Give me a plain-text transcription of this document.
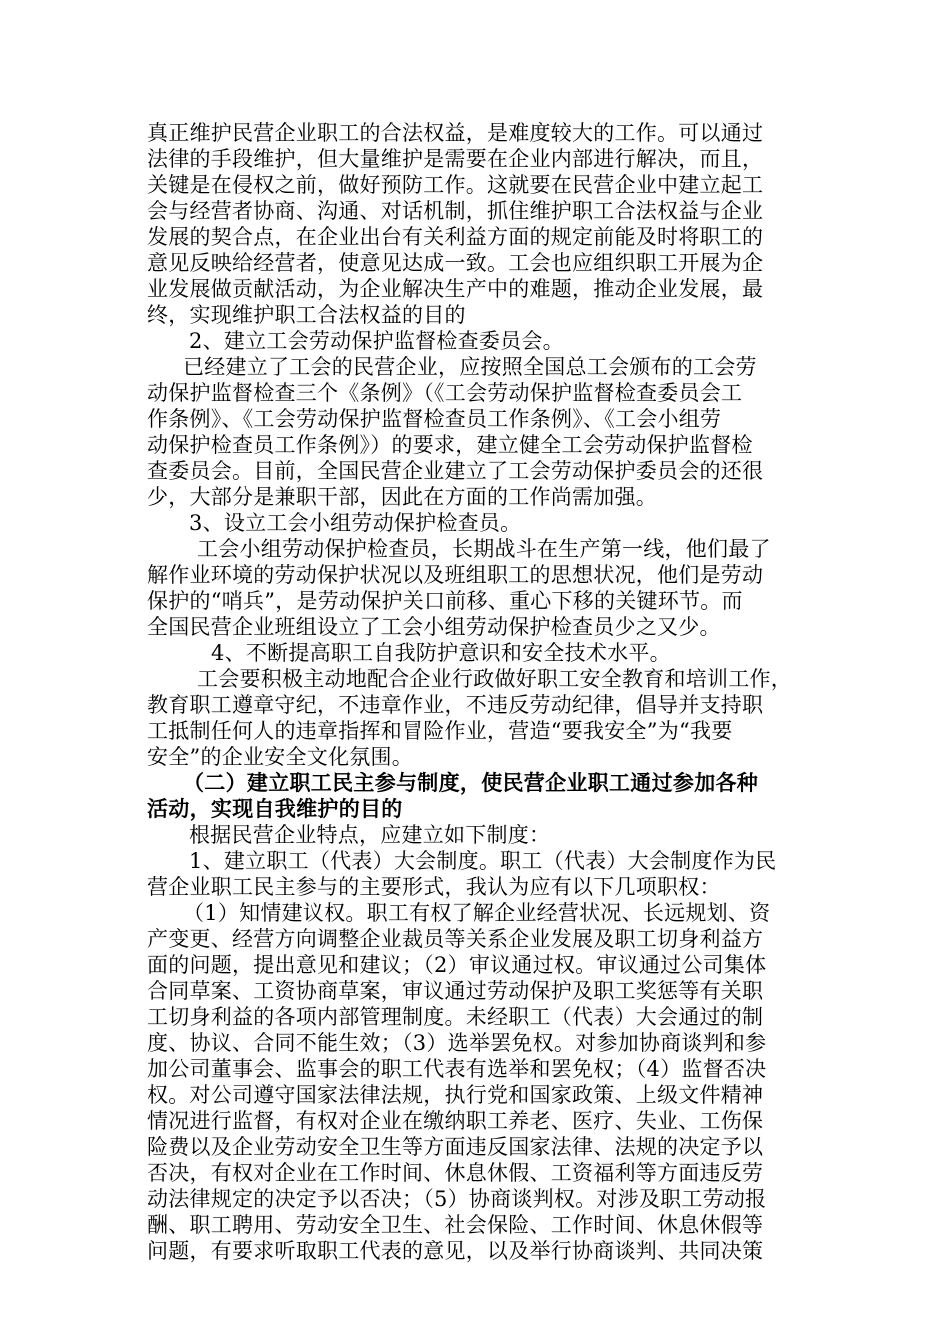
真正维护民营企业职工的合法权益，是难度较大的工作。可以通过
法律的手段维护，但大量维护是需要在企业内部进行解决，而且，
关键是在侵权之前，做好预防工作。这就要在民营企业中建立起工
会与经营者协商、沟通、对话机制，抓住维护职工合法权益与企业
发展的契合点，在企业出台有关利益方面的规定前能及时将职工的
意见反映给经营者，使意见达成一致。工会也应组织职工开展为企
业发展做贡献活动，为企业解决生产中的难题，推动企业发展，最
终，实现维护职工合法权益的目的
2、建立工会劳动保护监督检查委员会。
已经建立了工会的民营企业，应按照全国总工会颁布的工会劳
动保护监督检查三个《条例》（《工会劳动保护监督检查委员会工
作条例》、《工会劳动保护监督检查员工作条例》、《工会小组劳
动保护检查员工作条例》）的要求，建立健全工会劳动保护监督检
查委员会。目前，全国民营企业建立了工会劳动保护委员会的还很
少，大部分是兼职干部，因此在方面的工作尚需加强。
3、设立工会小组劳动保护检查员。
工会小组劳动保护检查员，长期战斗在生产第一线，他们最了
解作业环境的劳动保护状况以及班组职工的思想状况，他们是劳动
保护的“哨兵”，是劳动保护关口前移、重心下移的关键环节。而
全国民营企业班组设立了工会小组劳动保护检查员少之又少。
4、不断提高职工自我防护意识和安全技术水平。
工会要积极主动地配合企业行政做好职工安全教育和培训工作，
教育职工遵章守纪，不违章作业，不违反劳动纪律，倡导并支持职
工抵制任何人的违章指挥和冒险作业，营造“要我安全”为“我要
安全”的企业安全文化氛围。
（二）建立职工民主参与制度，使民营企业职工通过参加各种
活动，实现自我维护的目的
根据民营企业特点，应建立如下制度：
1、建立职工（代表）大会制度。职工（代表）大会制度作为民
营企业职工民主参与的主要形式，我认为应有以下几项职权：
（1）知情建议权。职工有权了解企业经营状况、长远规划、资
产变更、经营方向调整企业裁员等关系企业发展及职工切身利益方
面的问题，提出意见和建议；（2）审议通过权。审议通过公司集体
合同草案、工资协商草案，审议通过劳动保护及职工奖惩等有关职
工切身利益的各项内部管理制度。未经职工（代表）大会通过的制
度、协议、合同不能生效；（3）选举罢免权。对参加协商谈判和参
加公司董事会、监事会的职工代表有选举和罢免权；（4）监督否决
权。对公司遵守国家法律法规，执行党和国家政策、上级文件精神
情况进行监督，有权对企业在缴纳职工养老、医疗、失业、工伤保
险费以及企业劳动安全卫生等方面违反国家法律、法规的决定予以
否决，有权对企业在工作时间、休息休假、工资福利等方面违反劳
动法律规定的决定予以否决；（5）协商谈判权。对涉及职工劳动报
酬、职工聘用、劳动安全卫生、社会保险、工作时间、休息休假等
问题，有要求听取职工代表的意见，以及举行协商谈判、共同决策
